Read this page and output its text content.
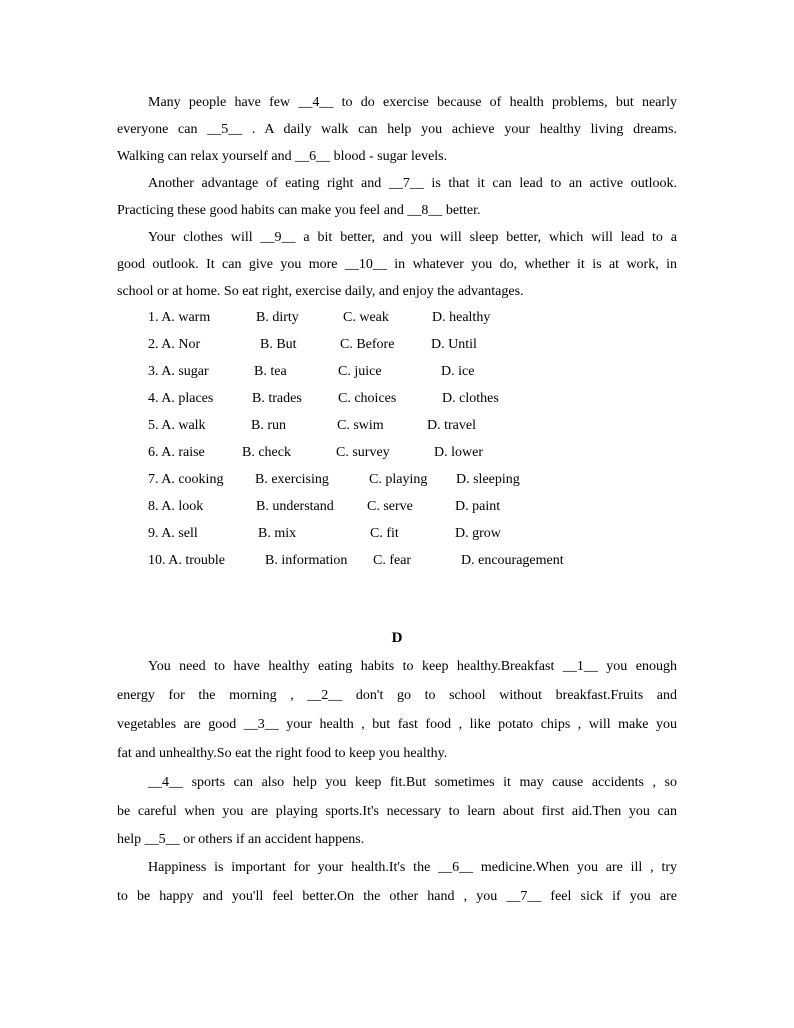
Many people have few __4__ to do exercise because of health problems, but nearly
everyone can __5__ . A daily walk can help you achieve your healthy living dreams.
Walking can relax yourself and __6__ blood - sugar levels.
Another advantage of eating right and __7__ is that it can lead to an active outlook.
Practicing these good habits can make you feel and __8__ better.
Your clothes will __9__ a bit better, and you will sleep better, which will lead to a
good outlook. It can give you more __10__ in whatever you do, whether it is at work, in
school or at home. So eat right, exercise daily, and enjoy the advantages.
1. A. warm	B. dirty	C. weak	D. healthy
2. A. Nor	B. But	C. Before	D. Until
3. A. sugar	B. tea	C. juice	D. ice
4. A. places	B. trades	C. choices	D. clothes
5. A. walk	B. run	C. swim	D. travel
6. A. raise	B. check	C. survey	D. lower
7. A. cooking B. exercising	C. playing D. sleeping
8. A. look	B. understand C. serve	D. paint
9. A. sell	B. mix	C. fit	D. grow
10. A. trouble	B. information C. fear	D. encouragement
D
You need to have healthy eating habits to keep healthy.Breakfast __1__ you enough
energy for the morning , __2__ don't go to school without breakfast.Fruits and
vegetables are good __3__ your health , but fast food , like potato chips , will make you
fat and unhealthy.So eat the right food to keep you healthy.
__4__ sports can also help you keep fit.But sometimes it may cause accidents , so
be careful when you are playing sports.It's necessary to learn about first aid.Then you can
help __5__ or others if an accident happens.
Happiness is important for your health.It's the __6__ medicine.When you are ill , try
to be happy and you'll feel better.On the other hand , you __7__ feel sick if you are
